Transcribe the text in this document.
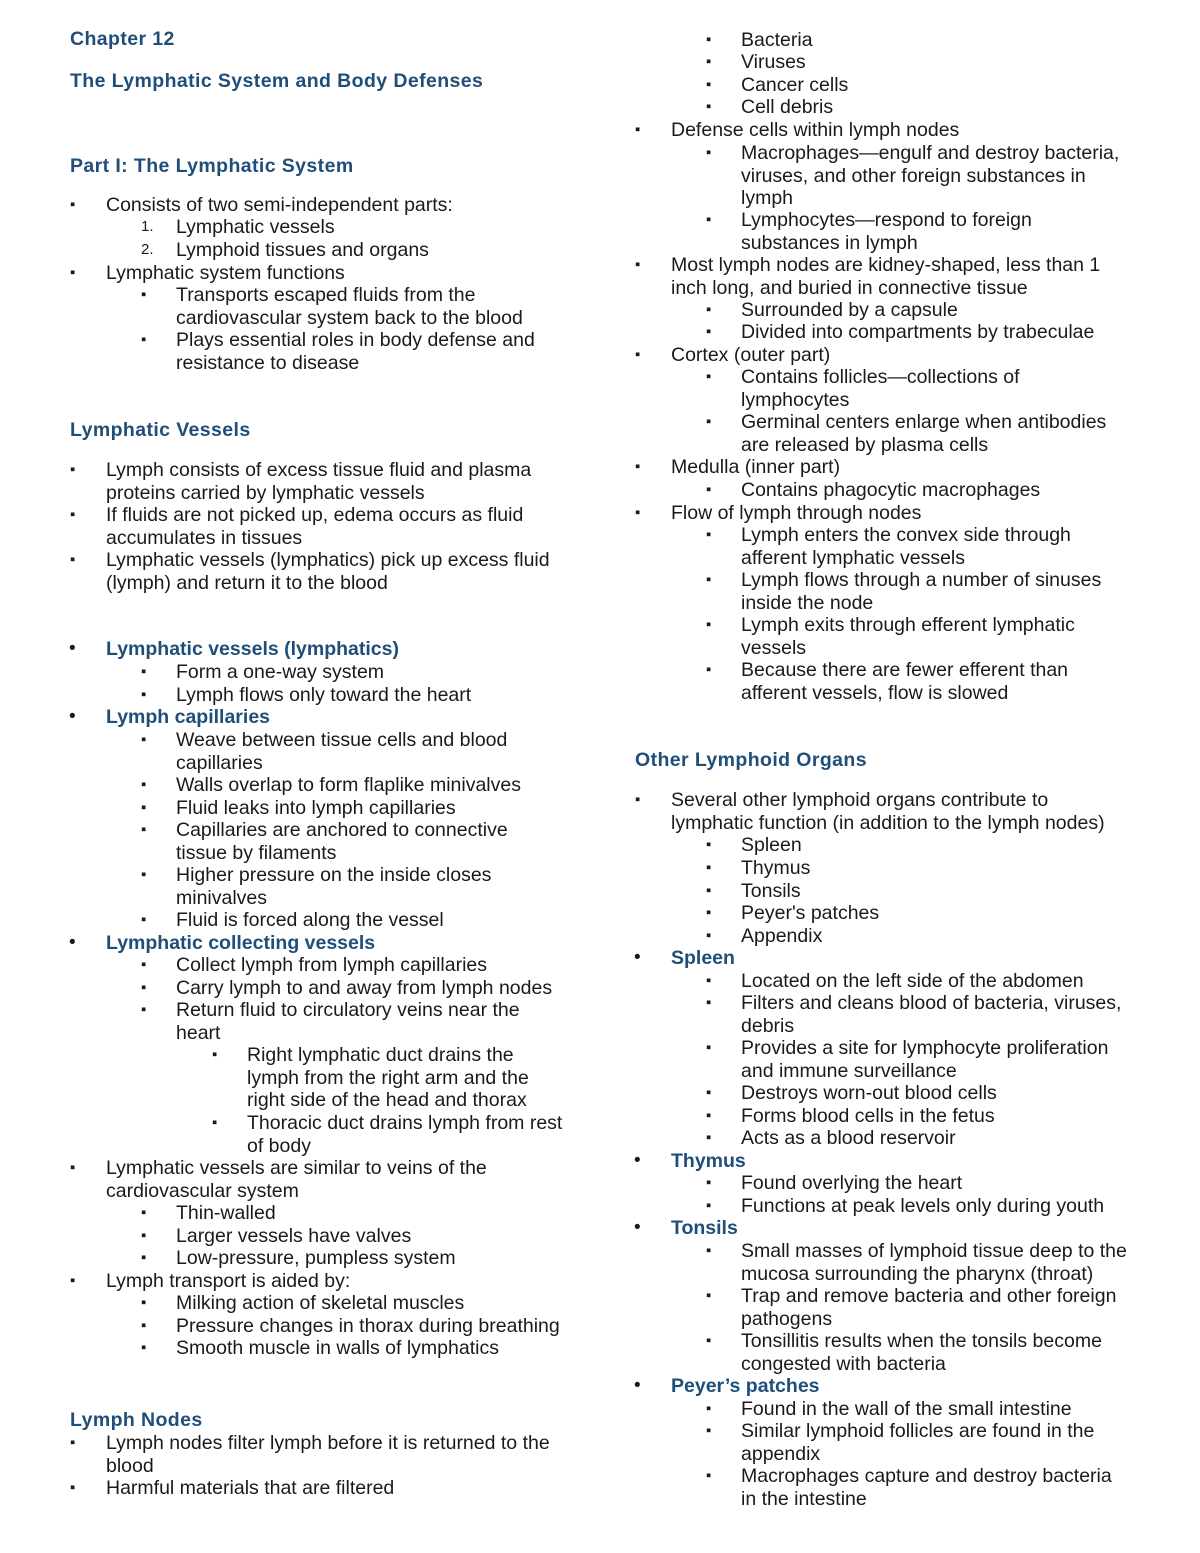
Chapter 12
The Lymphatic System and Body Defenses
Part I: The Lymphatic System
▪ Consists of two semi-independent parts:
1. Lymphatic vessels
2. Lymphoid tissues and organs
▪ Lymphatic system functions
▪ Transports escaped fluids from the
cardiovascular system back to the blood
▪ Plays essential roles in body defense and
resistance to disease
Lymphatic Vessels
▪ Lymph consists of excess tissue fluid and plasma
proteins carried by lymphatic vessels
▪ If fluids are not picked up, edema occurs as fluid
accumulates in tissues
▪ Lymphatic vessels (lymphatics) pick up excess fluid
(lymph) and return it to the blood
• Lymphatic vessels (lymphatics)
▪ Form a one-way system
▪ Lymph flows only toward the heart
• Lymph capillaries
▪ Weave between tissue cells and blood
capillaries
▪ Walls overlap to form flaplike minivalves
▪ Fluid leaks into lymph capillaries
▪ Capillaries are anchored to connective
tissue by filaments
▪ Higher pressure on the inside closes
minivalves
▪ Fluid is forced along the vessel
• Lymphatic collecting vessels
▪ Collect lymph from lymph capillaries
▪ Carry lymph to and away from lymph nodes
▪ Return fluid to circulatory veins near the
heart
▪ Right lymphatic duct drains the
lymph from the right arm and the
right side of the head and thorax
▪ Thoracic duct drains lymph from rest
of body
▪ Lymphatic vessels are similar to veins of the
cardiovascular system
▪ Thin-walled
▪ Larger vessels have valves
▪ Low-pressure, pumpless system
▪ Lymph transport is aided by:
▪ Milking action of skeletal muscles
▪ Pressure changes in thorax during breathing
▪ Smooth muscle in walls of lymphatics
Lymph Nodes
▪ Lymph nodes filter lymph before it is returned to the
blood
▪ Harmful materials that are filtered
▪ Bacteria
▪ Viruses
▪ Cancer cells
▪ Cell debris
▪ Defense cells within lymph nodes
▪ Macrophages—engulf and destroy bacteria,
viruses, and other foreign substances in
lymph
▪ Lymphocytes—respond to foreign
substances in lymph
▪ Most lymph nodes are kidney-shaped, less than 1
inch long, and buried in connective tissue
▪ Surrounded by a capsule
▪ Divided into compartments by trabeculae
▪ Cortex (outer part)
▪ Contains follicles—collections of
lymphocytes
▪ Germinal centers enlarge when antibodies
are released by plasma cells
▪ Medulla (inner part)
▪ Contains phagocytic macrophages
▪ Flow of lymph through nodes
▪ Lymph enters the convex side through
afferent lymphatic vessels
▪ Lymph flows through a number of sinuses
inside the node
▪ Lymph exits through efferent lymphatic
vessels
▪ Because there are fewer efferent than
afferent vessels, flow is slowed
Other Lymphoid Organs
▪ Several other lymphoid organs contribute to
lymphatic function (in addition to the lymph nodes)
▪ Spleen
▪ Thymus
▪ Tonsils
▪ Peyer's patches
▪ Appendix
• Spleen
▪ Located on the left side of the abdomen
▪ Filters and cleans blood of bacteria, viruses,
debris
▪ Provides a site for lymphocyte proliferation
and immune surveillance
▪ Destroys worn-out blood cells
▪ Forms blood cells in the fetus
▪ Acts as a blood reservoir
• Thymus
▪ Found overlying the heart
▪ Functions at peak levels only during youth
• Tonsils
▪ Small masses of lymphoid tissue deep to the
mucosa surrounding the pharynx (throat)
▪ Trap and remove bacteria and other foreign
pathogens
▪ Tonsillitis results when the tonsils become
congested with bacteria
• Peyer’s patches
▪ Found in the wall of the small intestine
▪ Similar lymphoid follicles are found in the
appendix
▪ Macrophages capture and destroy bacteria
in the intestine
